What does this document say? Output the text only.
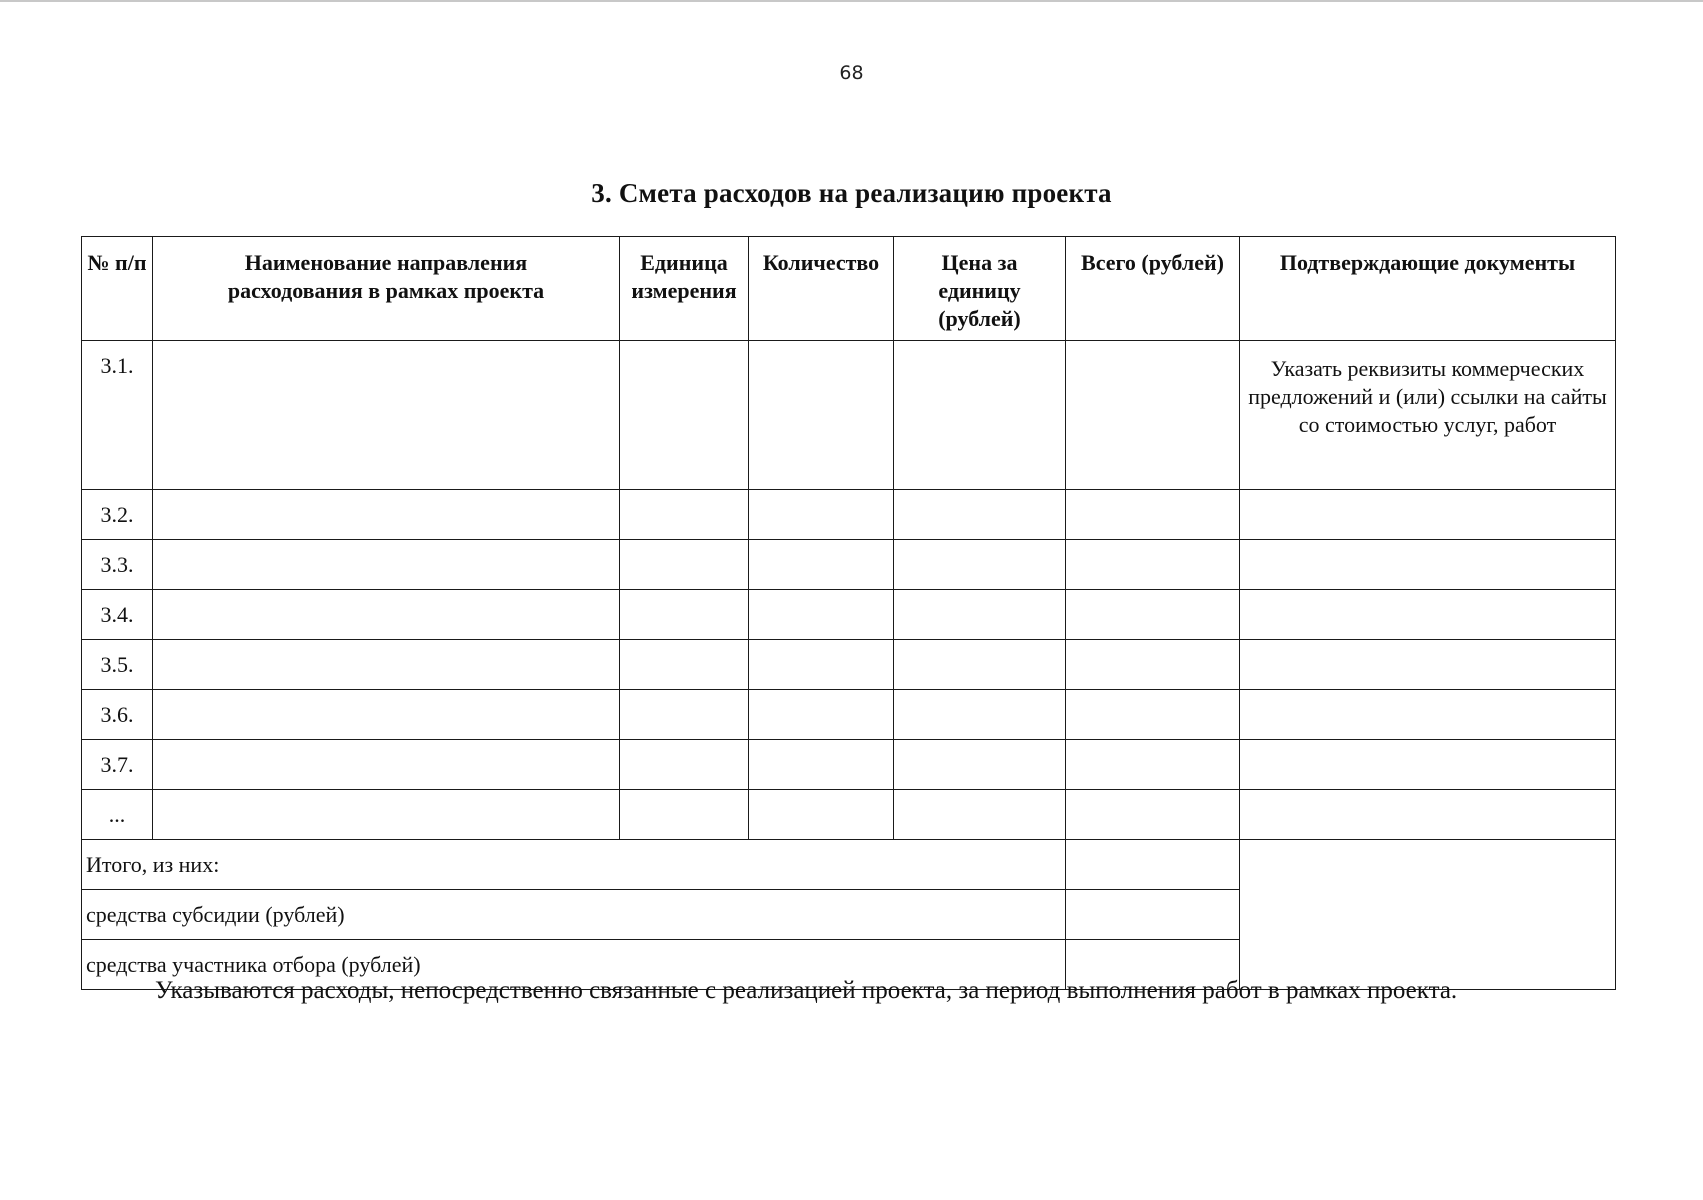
68
3. Смета расходов на реализацию проекта
№ п/п	Наименование направления расходования в рамках проекта	Единица измерения	Количество	Цена за единицу (рублей)	Всего (рублей)	Подтверждающие документы
3.1.						Указать реквизиты коммерческих предложений и (или) ссылки на сайты со стоимостью услуг, работ
3.2.						
3.3.						
3.4.						
3.5.						
3.6.						
3.7.						
...						
Итого, из них:						
средства субсидии (рублей)						
средства участника отбора (рублей)						
Указываются расходы, непосредственно связанные с реализацией проекта, за период выполнения работ в рамках проекта.
